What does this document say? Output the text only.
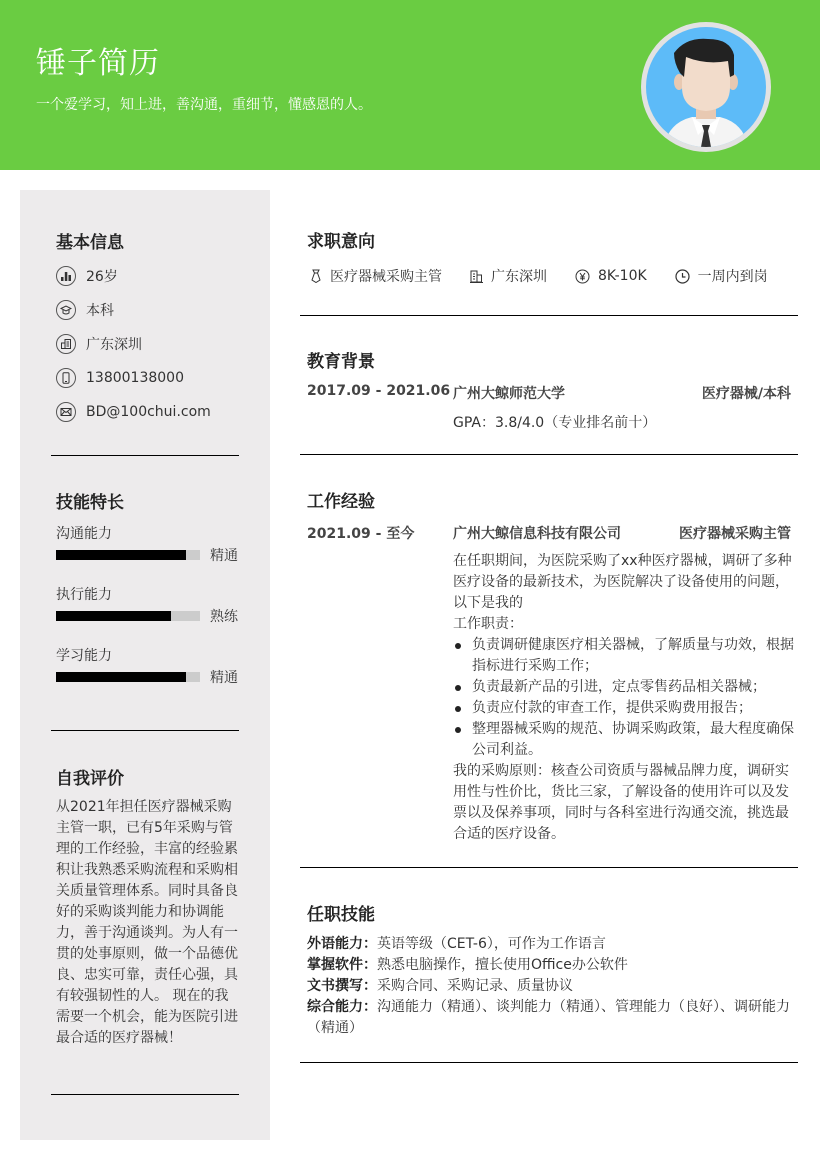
锤子简历
一个爱学习，知上进，善沟通，重细节，懂感恩的人。
基本信息
26岁
本科
广东深圳
13800138000
BD@100chui.com
技能特长
沟通能力
精通
执行能力
熟练
学习能力
精通
自我评价
从2021年担任医疗器械采购主管一职，已有5年采购与管理的工作经验，丰富的经验累积让我熟悉采购流程和采购相关质量管理体系。同时具备良好的采购谈判能力和协调能力，善于沟通谈判。为人有一贯的处事原则，做一个品德优良、忠实可靠，责任心强，具有较强韧性的人。 现在的我需要一个机会，能为医院引进最合适的医疗器械！
求职意向
医疗器械采购主管	广东深圳	8K-10K	一周内到岗
教育背景
2017.09 - 2021.06 广州大鲸师范大学	医疗器械/本科
GPA：3.8/4.0（专业排名前十）
工作经验
2021.09 - 至今	广州大鲸信息科技有限公司	医疗器械采购主管
在任职期间，为医院采购了xx种医疗器械，调研了多种医疗设备的最新技术，为医院解决了设备使用的问题，以下是我的
工作职责：
负责调研健康医疗相关器械，了解质量与功效，根据指标进行采购工作；
负责最新产品的引进，定点零售药品相关器械；
负责应付款的审查工作，提供采购费用报告；
整理器械采购的规范、协调采购政策，最大程度确保公司利益。
我的采购原则：核查公司资质与器械品牌力度，调研实用性与性价比，货比三家，了解设备的使用许可以及发票以及保养事项，同时与各科室进行沟通交流，挑选最合适的医疗设备。
任职技能
外语能力：英语等级（CET-6），可作为工作语言
掌握软件：熟悉电脑操作，擅长使用Office办公软件
文书撰写：采购合同、采购记录、质量协议
综合能力：沟通能力（精通）、谈判能力（精通）、管理能力（良好）、调研能力（精通）
